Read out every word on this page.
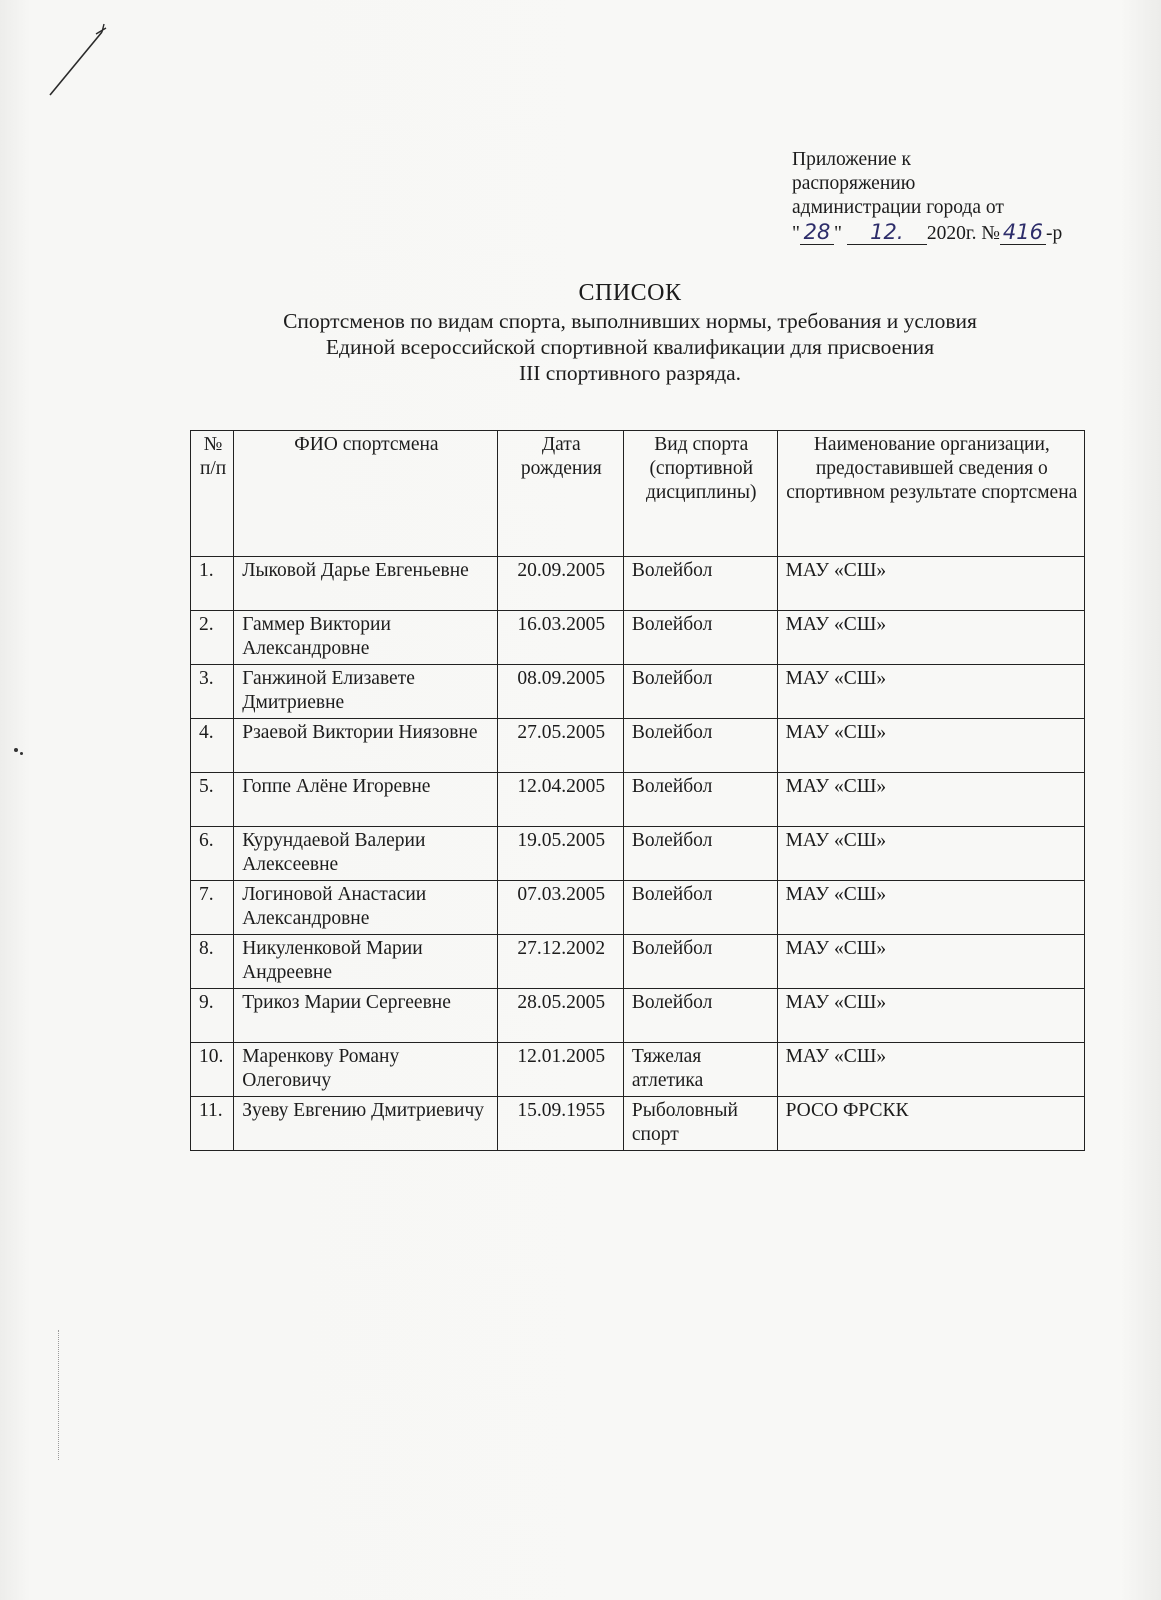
Приложение к
распоряжению
администрации города от
" 28 " 12. 2020г. № 416 -р
СПИСОК
Спортсменов по видам спорта, выполнивших нормы, требования и условия
Единой всероссийской спортивной квалификации для присвоения
III спортивного разряда.
№ п/п	ФИО спортсмена	Дата рождения	Вид спорта (спортивной дисциплины)	Наименование организации, предоставившей сведения о спортивном результате спортсмена
1.	Лыковой Дарье Евгеньевне	20.09.2005	Волейбол	МАУ «СШ»
2.	Гаммер Виктории Александровне	16.03.2005	Волейбол	МАУ «СШ»
3.	Ганжиной Елизавете Дмитриевне	08.09.2005	Волейбол	МАУ «СШ»
4.	Рзаевой Виктории Ниязовне	27.05.2005	Волейбол	МАУ «СШ»
5.	Гоппе Алёне Игоревне	12.04.2005	Волейбол	МАУ «СШ»
6.	Курундаевой Валерии Алексеевне	19.05.2005	Волейбол	МАУ «СШ»
7.	Логиновой Анастасии Александровне	07.03.2005	Волейбол	МАУ «СШ»
8.	Никуленковой Марии Андреевне	27.12.2002	Волейбол	МАУ «СШ»
9.	Трикоз Марии Сергеевне	28.05.2005	Волейбол	МАУ «СШ»
10.	Маренкову Роману Олеговичу	12.01.2005	Тяжелая атлетика	МАУ «СШ»
11.	Зуеву Евгению Дмитриевичу	15.09.1955	Рыболовный спорт	РОСО ФРСКК
